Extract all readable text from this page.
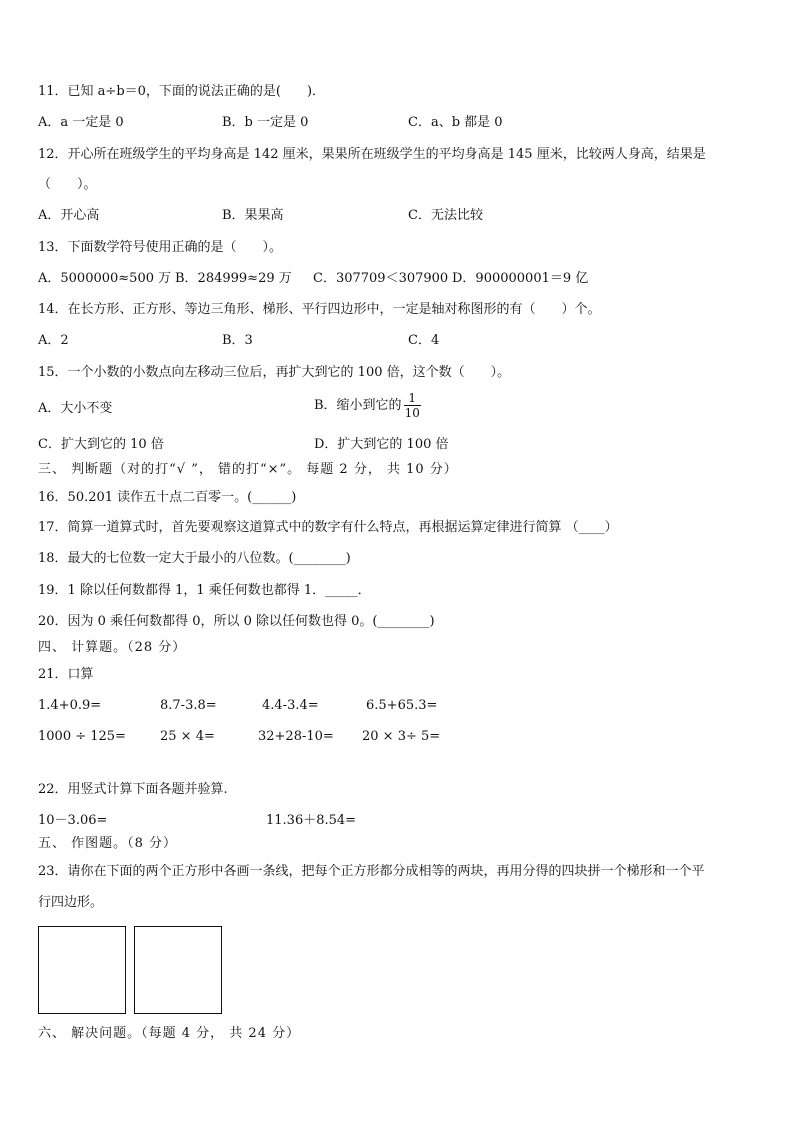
11．已知 a÷b＝0，下面的说法正确的是(　　)．
A．a 一定是 0	B．b 一定是 0	C．a、b 都是 0
12．开心所在班级学生的平均身高是 142 厘米，果果所在班级学生的平均身高是 145 厘米，比较两人身高，结果是
（　　）。
A．开心高	B．果果高	C．无法比较
13．下面数学符号使用正确的是（　　）。
A．5000000≈500 万 B．284999≈29 万 C．307709＜307900 D．900000001＝9 亿
14．在长方形、正方形、等边三角形、梯形、平行四边形中，一定是轴对称图形的有（　　）个。
A．2	B．3	C．4
15．一个小数的小数点向左移动三位后，再扩大到它的 100 倍，这个数（　　）。
A．大小不变	B．缩小到它的 $\frac{1}{10}$
C．扩大到它的 10 倍	D．扩大到它的 100 倍
三、 判断题（对的打“√ ”， 错的打“×”。 每题 2 分， 共 10 分）
16．50.201 读作五十点二百零一。(______)
17．简算一道算式时，首先要观察这道算式中的数字有什么特点，再根据运算定律进行简算 （____）
18．最大的七位数一定大于最小的八位数。(________)
19．1 除以任何数都得 1，1 乘任何数也都得 1．_____．
20．因为 0 乘任何数都得 0，所以 0 除以任何数也得 0。(________)
四、 计算题。（28 分）
21．口算
1.4+0.9=	8.7-3.8=	4.4-3.4=	6.5+65.3=
1000 ÷ 125=	25 × 4=	32+28-10= 20 × 3÷ 5=
22．用竖式计算下面各题并验算.
10－3.06=	11.36＋8.54=
五、 作图题。（8 分）
23．请你在下面的两个正方形中各画一条线，把每个正方形都分成相等的两块，再用分得的四块拼一个梯形和一个平
行四边形。
六、 解决问题。（每题 4 分， 共 24 分）
